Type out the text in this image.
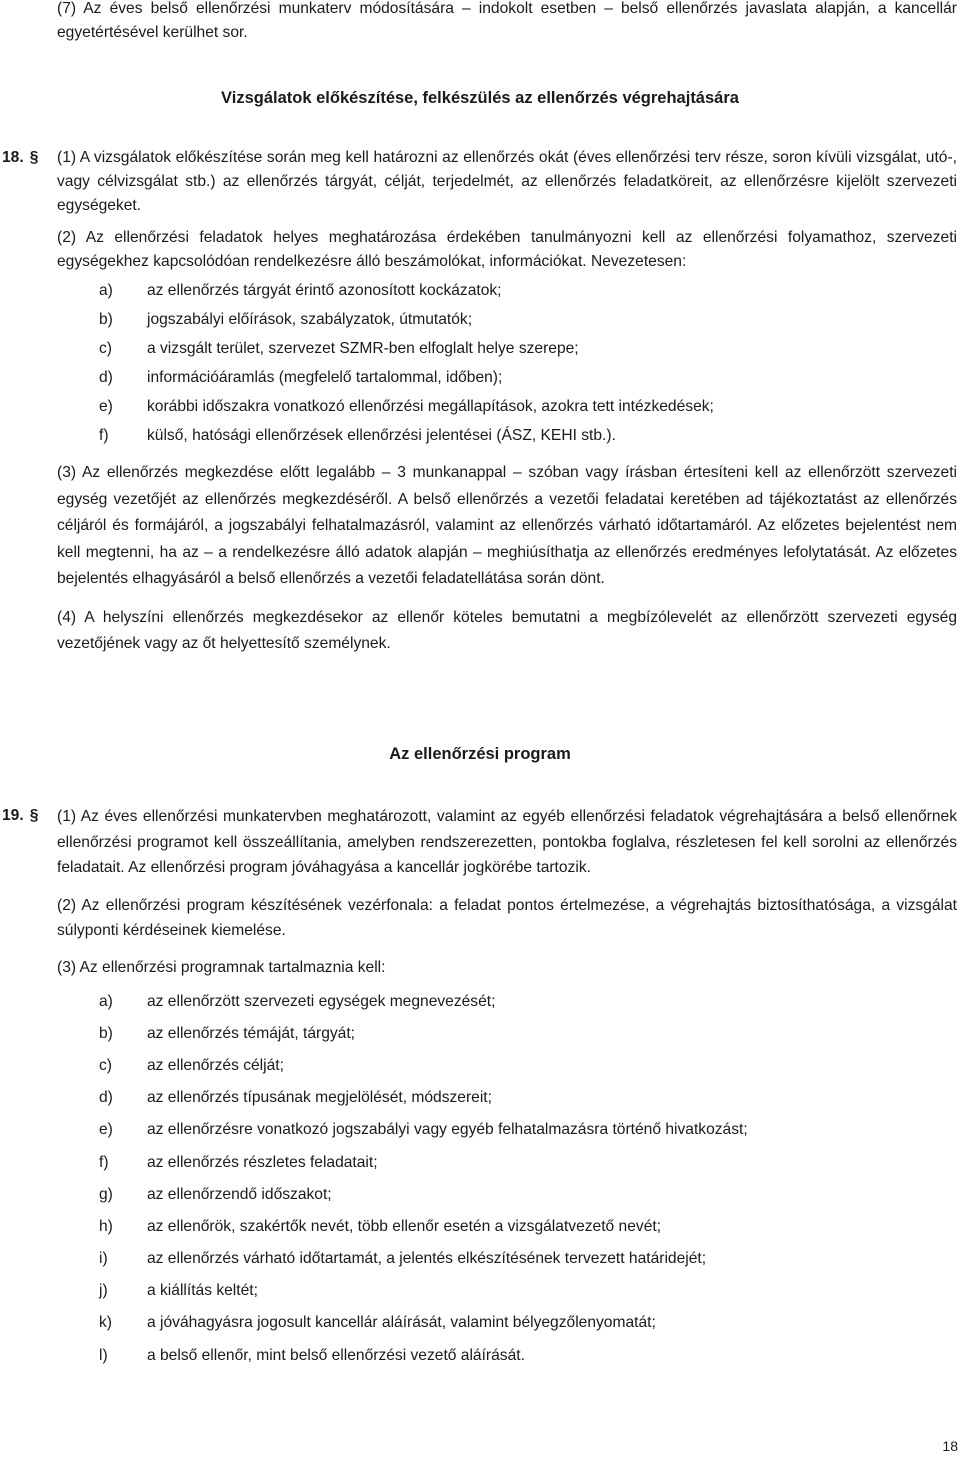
(7) Az éves belső ellenőrzési munkaterv módosítására – indokolt esetben – belső ellenőrzés javaslata alapján, a kancellár egyetértésével kerülhet sor.

Vizsgálatok előkészítése, felkészülés az ellenőrzés végrehajtására

18. § (1) A vizsgálatok előkészítése során meg kell határozni az ellenőrzés okát (éves ellenőrzési terv része, soron kívüli vizsgálat, utó-, vagy célvizsgálat stb.) az ellenőrzés tárgyát, célját, terjedelmét, az ellenőrzés feladatköreit, az ellenőrzésre kijelölt szervezeti egységeket.

(2) Az ellenőrzési feladatok helyes meghatározása érdekében tanulmányozni kell az ellenőrzési folyamathoz, szervezeti egységekhez kapcsolódóan rendelkezésre álló beszámolókat, információkat. Nevezetesen:

a)	az ellenőrzés tárgyát érintő azonosított kockázatok;
b)	jogszabályi előírások, szabályzatok, útmutatók;
c)	a vizsgált terület, szervezet SZMR-ben elfoglalt helye szerepe;
d)	információáramlás (megfelelő tartalommal, időben);
e)	korábbi időszakra vonatkozó ellenőrzési megállapítások, azokra tett intézkedések;
f)	külső, hatósági ellenőrzések ellenőrzési jelentései (ÁSZ, KEHI stb.).

(3) Az ellenőrzés megkezdése előtt legalább – 3 munkanappal – szóban vagy írásban értesíteni kell az ellenőrzött szervezeti egység vezetőjét az ellenőrzés megkezdéséről. A belső ellenőrzés a vezetői feladatai keretében ad tájékoztatást az ellenőrzés céljáról és formájáról, a jogszabályi felhatalmazásról, valamint az ellenőrzés várható időtartamáról. Az előzetes bejelentést nem kell megtenni, ha az – a rendelkezésre álló adatok alapján – meghiúsíthatja az ellenőrzés eredményes lefolytatását. Az előzetes bejelentés elhagyásáról a belső ellenőrzés a vezetői feladatellátása során dönt.

(4) A helyszíni ellenőrzés megkezdésekor az ellenőr köteles bemutatni a megbízólevelét az ellenőrzött szervezeti egység vezetőjének vagy az őt helyettesítő személynek.

Az ellenőrzési program

19. § (1) Az éves ellenőrzési munkatervben meghatározott, valamint az egyéb ellenőrzési feladatok végrehajtására a belső ellenőrnek ellenőrzési programot kell összeállítania, amelyben rendszerezetten, pontokba foglalva, részletesen fel kell sorolni az ellenőrzés feladatait. Az ellenőrzési program jóváhagyása a kancellár jogkörébe tartozik.

(2) Az ellenőrzési program készítésének vezérfonala: a feladat pontos értelmezése, a végrehajtás biztosíthatósága, a vizsgálat súlyponti kérdéseinek kiemelése.

(3) Az ellenőrzési programnak tartalmaznia kell:

a)	az ellenőrzött szervezeti egységek megnevezését;
b)	az ellenőrzés témáját, tárgyát;
c)	az ellenőrzés célját;
d)	az ellenőrzés típusának megjelölését, módszereit;
e)	az ellenőrzésre vonatkozó jogszabályi vagy egyéb felhatalmazásra történő hivatkozást;
f)	az ellenőrzés részletes feladatait;
g)	az ellenőrzendő időszakot;
h)	az ellenőrök, szakértők nevét, több ellenőr esetén a vizsgálatvezető nevét;
i)	az ellenőrzés várható időtartamát, a jelentés elkészítésének tervezett határidejét;
j)	a kiállítás keltét;
k)	a jóváhagyásra jogosult kancellár aláírását, valamint bélyegzőlenyomatát;
l)	a belső ellenőr, mint belső ellenőrzési vezető aláírását.
18
